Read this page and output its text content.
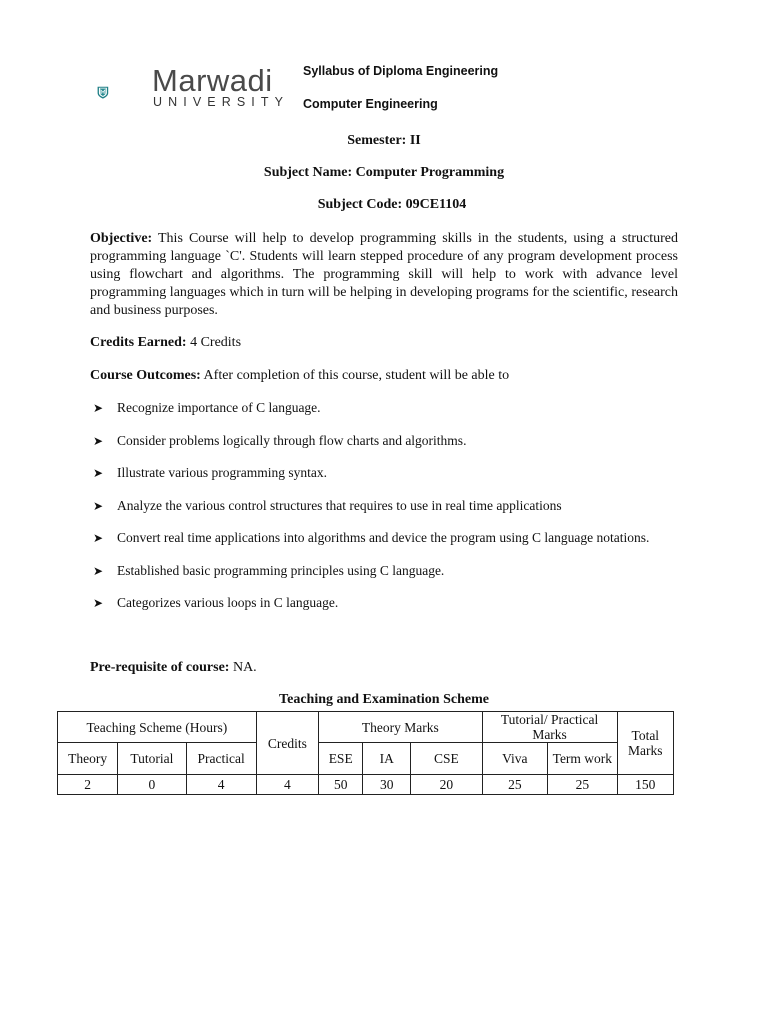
Marwadi
UNIVERSITY
Syllabus of Diploma Engineering
Computer Engineering
Semester: II
Subject Name: Computer Programming
Subject Code: 09CE1104
Objective: This Course will help to develop programming skills in the students, using a structured programming language `C'. Students will learn stepped procedure of any program development process using flowchart and algorithms. The programming skill will help to work with advance level programming languages which in turn will be helping in developing programs for the scientific, research and business purposes.
Credits Earned: 4 Credits
Course Outcomes: After completion of this course, student will be able to
➤ Recognize importance of C language.
➤ Consider problems logically through flow charts and algorithms.
➤ Illustrate various programming syntax.
➤ Analyze the various control structures that requires to use in real time applications
➤ Convert real time applications into algorithms and device the program using C language notations.
➤ Established basic programming principles using C language.
➤ Categorizes various loops in C language.
Pre-requisite of course: NA.
Teaching and Examination Scheme
Teaching Scheme (Hours)			Credits	Theory Marks			Tutorial/ Practical Marks		Total Marks
Theory	Tutorial	Practical		ESE	IA	CSE	Viva	Term work	
2	0	4	4	50	30	20	25	25	150
